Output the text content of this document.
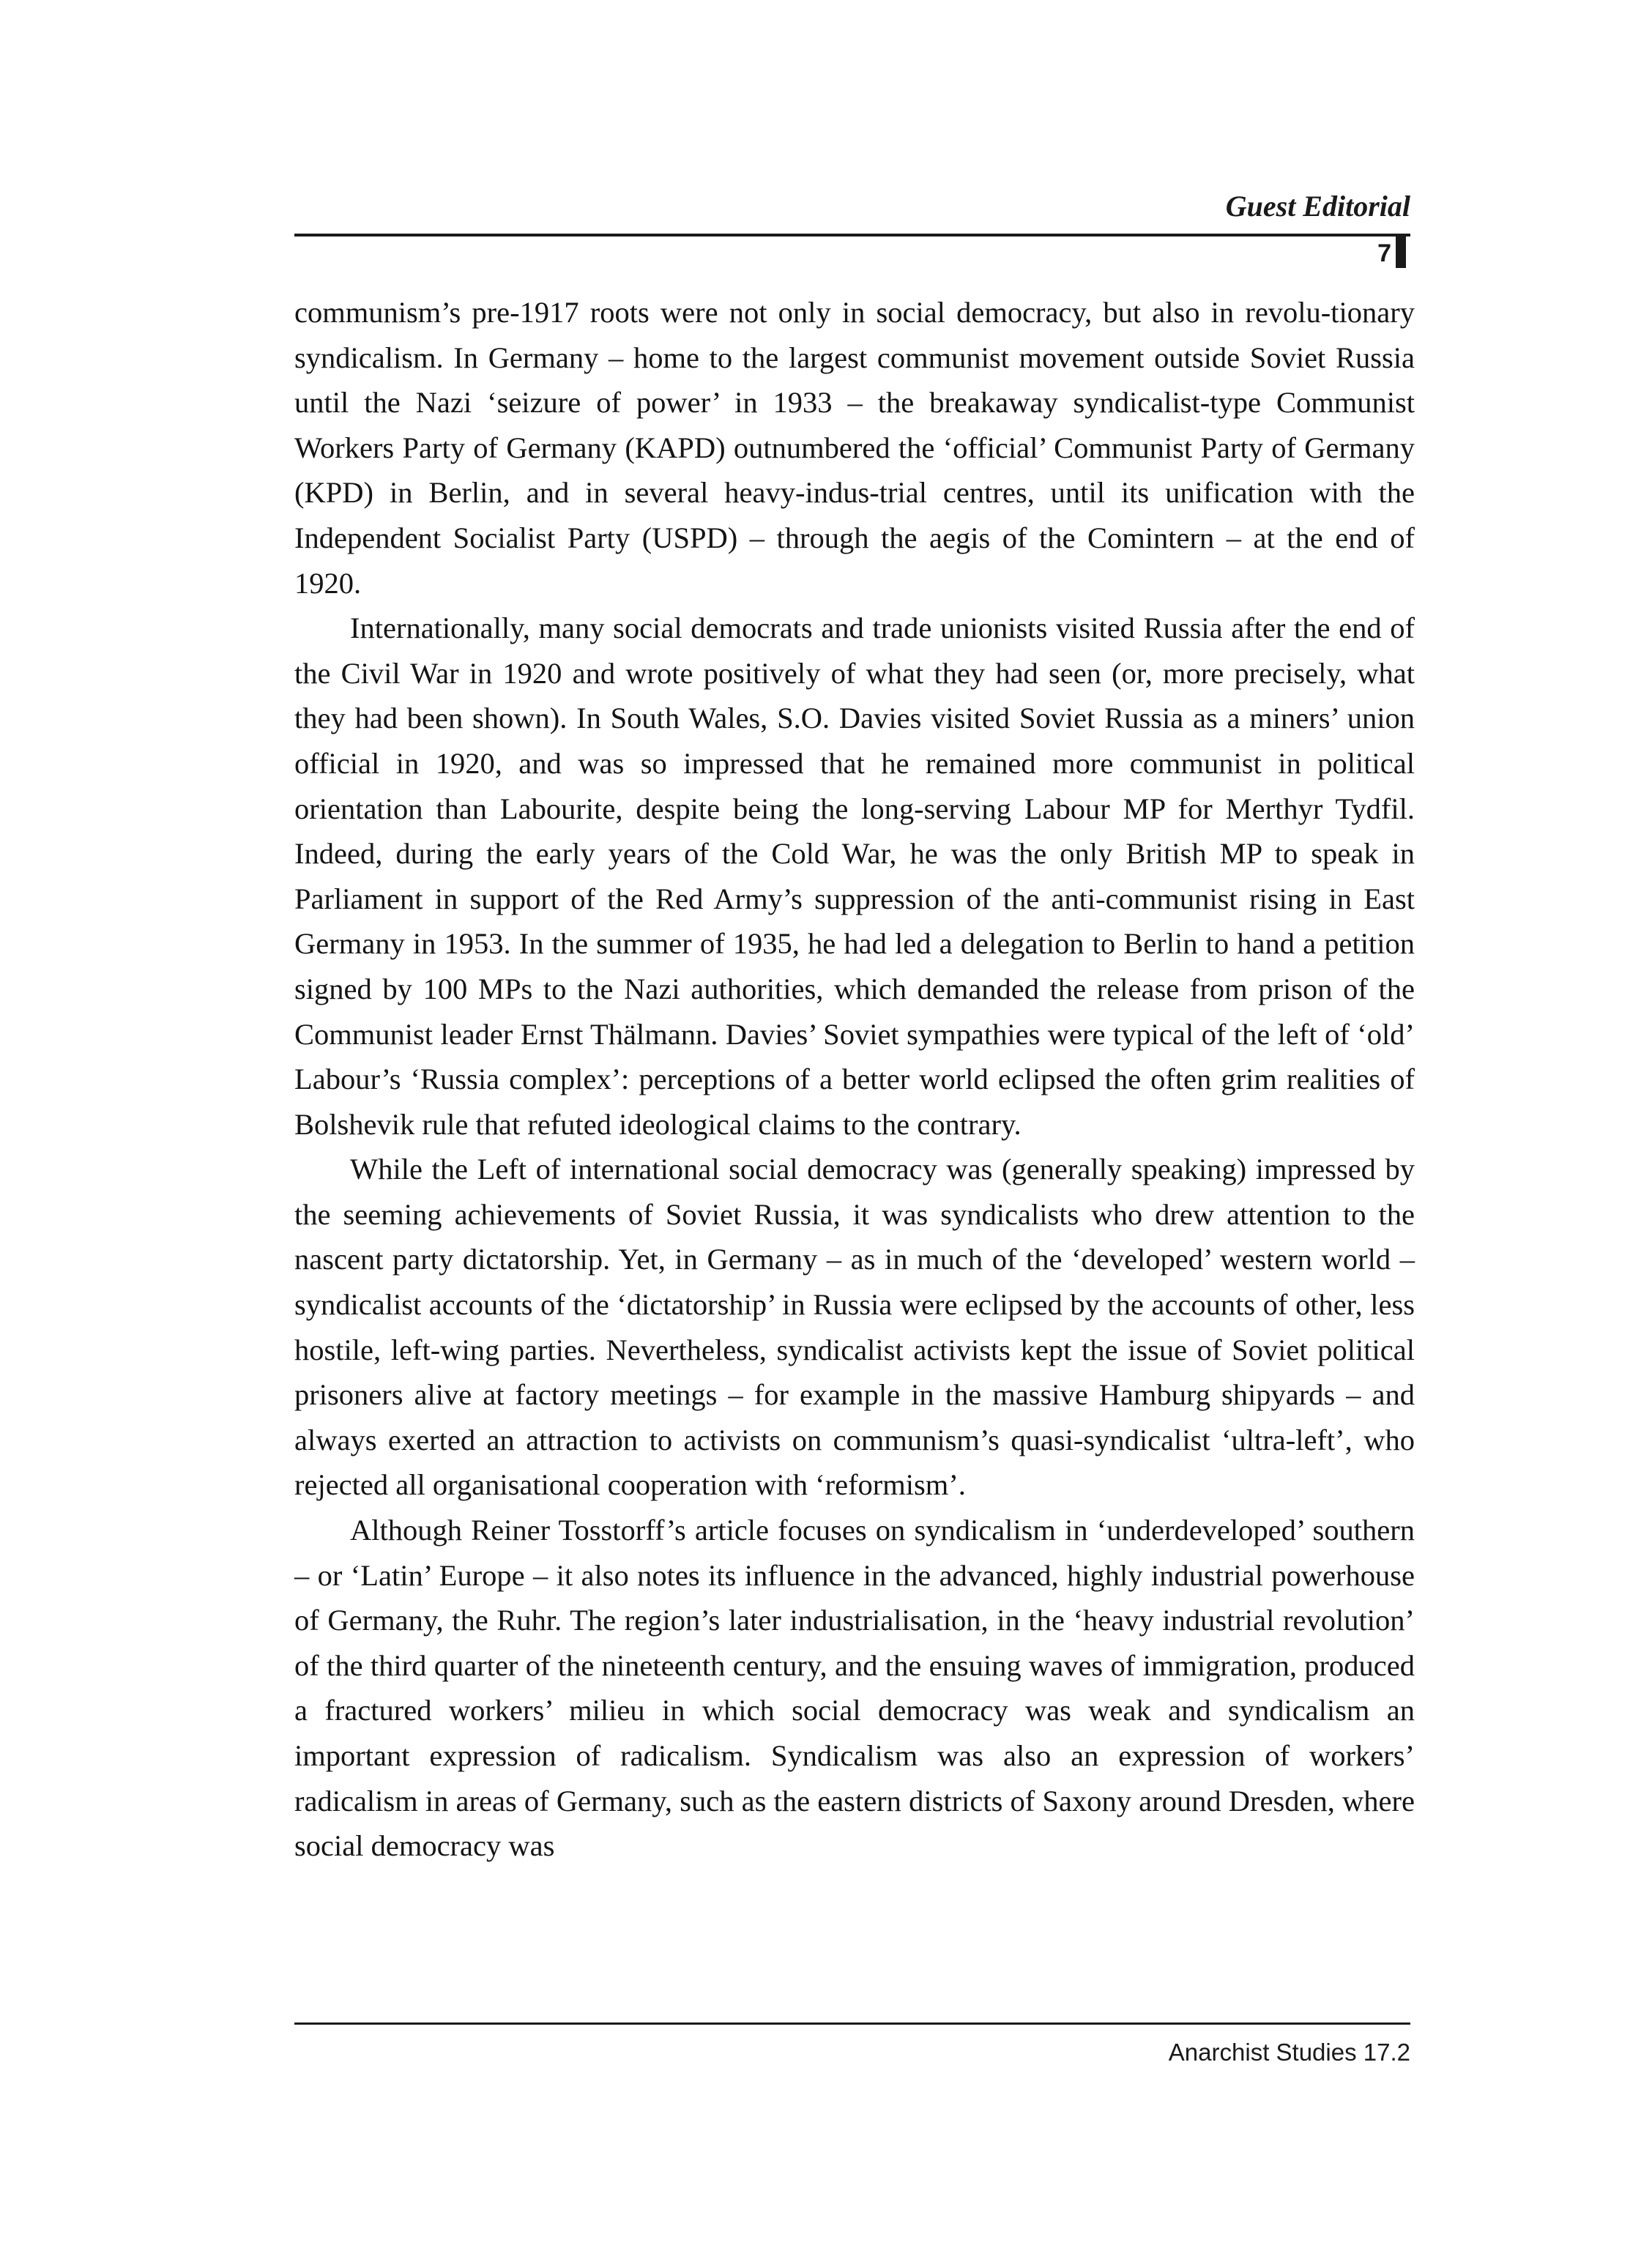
Guest Editorial
7

communism’s pre-1917 roots were not only in social democracy, but also in revolu-tionary syndicalism. In Germany – home to the largest communist movement outside Soviet Russia until the Nazi ‘seizure of power’ in 1933 – the breakaway syndicalist-type Communist Workers Party of Germany (KAPD) outnumbered the ‘official’ Communist Party of Germany (KPD) in Berlin, and in several heavy-indus-trial centres, until its unification with the Independent Socialist Party (USPD) – through the aegis of the Comintern – at the end of 1920.

Internationally, many social democrats and trade unionists visited Russia after the end of the Civil War in 1920 and wrote positively of what they had seen (or, more precisely, what they had been shown). In South Wales, S.O. Davies visited Soviet Russia as a miners’ union official in 1920, and was so impressed that he remained more communist in political orientation than Labourite, despite being the long-serving Labour MP for Merthyr Tydfil. Indeed, during the early years of the Cold War, he was the only British MP to speak in Parliament in support of the Red Army’s suppression of the anti-communist rising in East Germany in 1953. In the summer of 1935, he had led a delegation to Berlin to hand a petition signed by 100 MPs to the Nazi authorities, which demanded the release from prison of the Communist leader Ernst Thälmann. Davies’ Soviet sympathies were typical of the left of ‘old’ Labour’s ‘Russia complex’: perceptions of a better world eclipsed the often grim realities of Bolshevik rule that refuted ideological claims to the contrary.

While the Left of international social democracy was (generally speaking) impressed by the seeming achievements of Soviet Russia, it was syndicalists who drew attention to the nascent party dictatorship. Yet, in Germany – as in much of the ‘developed’ western world – syndicalist accounts of the ‘dictatorship’ in Russia were eclipsed by the accounts of other, less hostile, left-wing parties. Nevertheless, syndicalist activists kept the issue of Soviet political prisoners alive at factory meetings – for example in the massive Hamburg shipyards – and always exerted an attraction to activists on communism’s quasi-syndicalist ‘ultra-left’, who rejected all organisational cooperation with ‘reformism’.

Although Reiner Tosstorff’s article focuses on syndicalism in ‘underdeveloped’ southern – or ‘Latin’ Europe – it also notes its influence in the advanced, highly industrial powerhouse of Germany, the Ruhr. The region’s later industrialisation, in the ‘heavy industrial revolution’ of the third quarter of the nineteenth century, and the ensuing waves of immigration, produced a fractured workers’ milieu in which social democracy was weak and syndicalism an important expression of radicalism. Syndicalism was also an expression of workers’ radicalism in areas of Germany, such as the eastern districts of Saxony around Dresden, where social democracy was

Anarchist Studies 17.2
